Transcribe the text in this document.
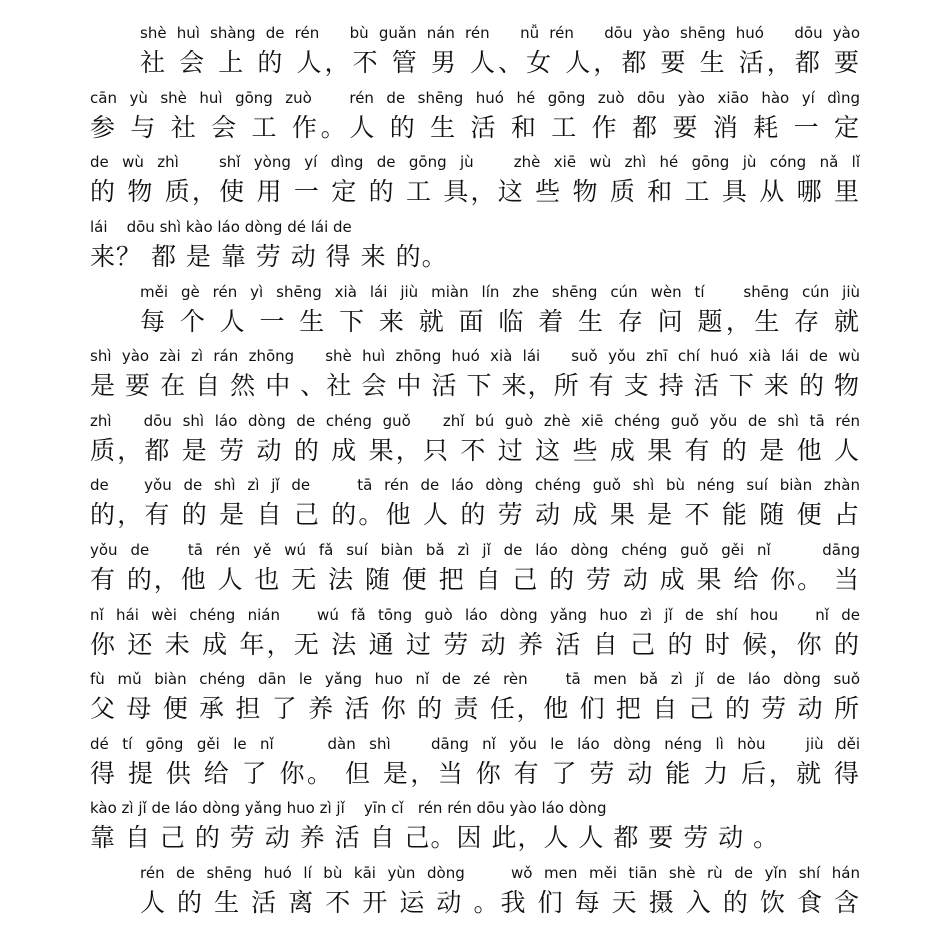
shè huì shàng de rén   bù guǎn nán rén   nǚ rén   dōu yào shēng huó   dōu yào
社 会 上 的 人，不 管 男 人、女 人，都 要 生 活，都 要
cān yù shè huì gōng zuò   rén de shēng huó hé gōng zuò dōu yào xiāo hào yí dìng
参 与 社 会 工 作。人 的 生 活 和 工 作 都 要 消 耗 一 定
de wù zhì   shǐ yòng yí dìng de gōng jù   zhè xiē wù zhì hé gōng jù cóng nǎ lǐ
的 物 质，使 用 一 定 的 工 具，这 些 物 质 和 工 具 从 哪 里
lái    dōu shì kào láo dòng dé lái de
来？ 都 是 靠 劳 动 得 来 的。
měi gè rén yì shēng xià lái jiù miàn lín zhe shēng cún wèn tí   shēng cún jiù
每 个 人 一 生 下 来 就 面 临 着 生 存 问 题，生 存 就
shì yào zài zì rán zhōng   shè huì zhōng huó xià lái   suǒ yǒu zhī chí huó xià lái de wù
是 要 在 自 然 中 、社 会 中 活 下 来，所 有 支 持 活 下 来 的 物
zhì   dōu shì láo dòng de chéng guǒ   zhǐ bú guò zhè xiē chéng guǒ yǒu de shì tā rén
质，都 是 劳 动 的 成 果，只 不 过 这 些 成 果 有 的 是 他 人
de   yǒu de shì zì jǐ de    tā rén de láo dòng chéng guǒ shì bù néng suí biàn zhàn
的，有 的 是 自 己 的。他 人 的 劳 动 成 果 是 不 能 随 便 占
yǒu de   tā rén yě wú fǎ suí biàn bǎ zì jǐ de láo dòng chéng guǒ gěi nǐ    dāng
有 的，他 人 也 无 法 随 便 把 自 己 的 劳 动 成 果 给 你。 当
nǐ hái wèi chéng nián   wú fǎ tōng guò láo dòng yǎng huo zì jǐ de shí hou   nǐ de
你 还 未 成 年，无 法 通 过 劳 动 养 活 自 己 的 时 候，你 的
fù mǔ biàn chéng dān le yǎng huo nǐ de zé rèn   tā men bǎ zì jǐ de láo dòng suǒ
父 母 便 承 担 了 养 活 你 的 责 任，他 们 把 自 己 的 劳 动 所
dé tí gōng gěi le nǐ    dàn shì   dāng nǐ yǒu le láo dòng néng lì hòu   jiù děi
得 提 供 给 了 你。 但 是，当 你 有 了 劳 动 能 力 后，就 得
kào zì jǐ de láo dòng yǎng huo zì jǐ    yīn cǐ   rén rén dōu yào láo dòng
靠 自 己 的 劳 动 养 活 自 己。因 此，人 人 都 要 劳 动 。
rén de shēng huó lí bù kāi yùn dòng    wǒ men měi tiān shè rù de yǐn shí hán
人 的 生 活 离 不 开 运 动 。我 们 每 天 摄 入 的 饮 食 含
